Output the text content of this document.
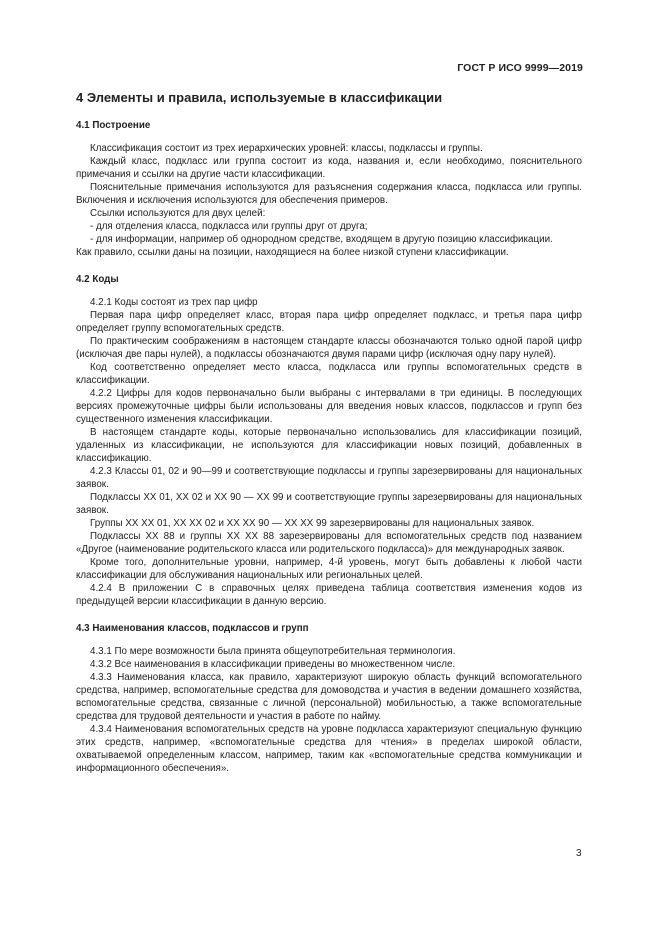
ГОСТ Р ИСО 9999—2019
4 Элементы и правила, используемые в классификации
4.1 Построение

Классификация состоит из трех иерархических уровней: классы, подклассы и группы.

Каждый класс, подкласс или группа состоит из кода, названия и, если необходимо, пояснительного примечания и ссылки на другие части классификации.

Пояснительные примечания используются для разъяснения содержания класса, подкласса или группы. Включения и исключения используются для обеспечения примеров.

Ссылки используются для двух целей:

- для отделения класса, подкласса или группы друг от друга;

- для информации, например об однородном средстве, входящем в другую позицию классификации.

Как правило, ссылки даны на позиции, находящиеся на более низкой ступени классификации.

4.2 Коды

4.2.1 Коды состоят из трех пар цифр

Первая пара цифр определяет класс, вторая пара цифр определяет подкласс, и третья пара цифр определяет группу вспомогательных средств.

По практическим соображениям в настоящем стандарте классы обозначаются только одной парой цифр (исключая две пары нулей), а подклассы обозначаются двумя парами цифр (исключая одну пару нулей).

Код соответственно определяет место класса, подкласса или группы вспомогательных средств в классификации.

4.2.2 Цифры для кодов первоначально были выбраны с интервалами в три единицы. В последующих версиях промежуточные цифры были использованы для введения новых классов, подклассов и групп без существенного изменения классификации.

В настоящем стандарте коды, которые первоначально использовались для классификации позиций, удаленных из классификации, не используются для классификации новых позиций, добавленных в классификацию.

4.2.3 Классы 01, 02 и 90—99 и соответствующие подклассы и группы зарезервированы для национальных заявок.

Подклассы XX 01, XX 02 и XX 90 — XX 99 и соответствующие группы зарезервированы для национальных заявок.

Группы XX XX 01, XX XX 02 и XX XX 90 — XX XX 99 зарезервированы для национальных заявок.

Подклассы XX 88 и группы XX XX 88 зарезервированы для вспомогательных средств под названием «Другое (наименование родительского класса или родительского подкласса)» для международных заявок.

Кроме того, дополнительные уровни, например, 4-й уровень, могут быть добавлены к любой части классификации для обслуживания национальных или региональных целей.

4.2.4 В приложении С в справочных целях приведена таблица соответствия изменения кодов из предыдущей версии классификации в данную версию.

4.3 Наименования классов, подклассов и групп

4.3.1 По мере возможности была принята общеупотребительная терминология.

4.3.2 Все наименования в классификации приведены во множественном числе.

4.3.3 Наименования класса, как правило, характеризуют широкую область функций вспомогательного средства, например, вспомогательные средства для домоводства и участия в ведении домашнего хозяйства, вспомогательные средства, связанные с личной (персональной) мобильностью, а также вспомогательные средства для трудовой деятельности и участия в работе по найму.

4.3.4 Наименования вспомогательных средств на уровне подкласса характеризуют специальную функцию этих средств, например, «вспомогательные средства для чтения» в пределах широкой области, охватываемой определенным классом, например, таким как «вспомогательные средства коммуникации и информационного обеспечения».

3
